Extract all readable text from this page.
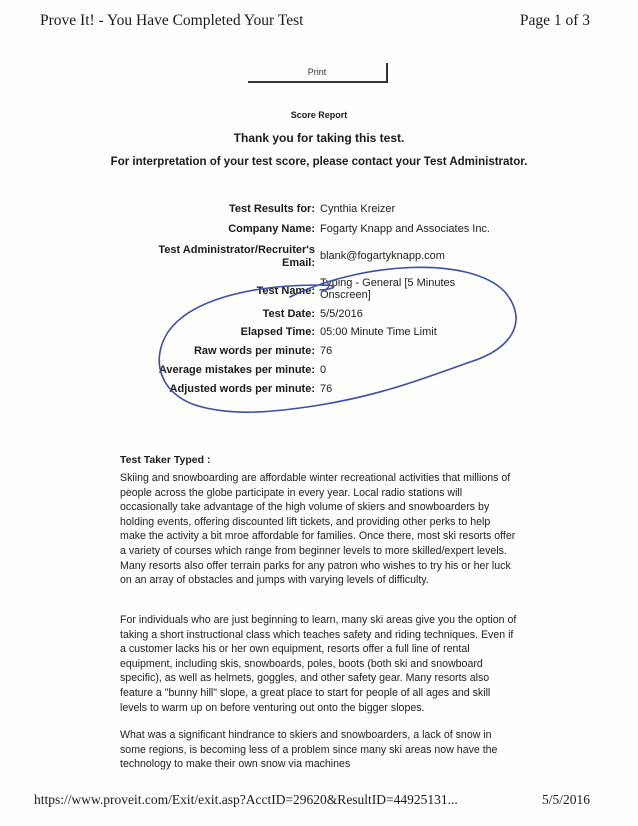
Prove It! - You Have Completed Your Test	Page 1 of 3
Print
Score Report
Thank you for taking this test.
For interpretation of your test score, please contact your Test Administrator.
Test Results for: Cynthia Kreizer
Company Name: Fogarty Knapp and Associates Inc.
Test Administrator/Recruiter's
Email:
blank@fogartyknapp.com
Test Name:
Typing - General [5 Minutes
Onscreen]
Test Date: 5/5/2016
Elapsed Time: 05:00 Minute Time Limit
Raw words per minute: 76
Average mistakes per minute: 0
Adjusted words per minute: 76
Test Taker Typed :
Skiing and snowboarding are affordable winter recreational activities that millions of people across the globe participate in every year. Local radio stations will occasionally take advantage of the high volume of skiers and snowboarders by holding events, offering discounted lift tickets, and providing other perks to help make the activity a bit mroe affordable for families. Once there, most ski resorts offer a variety of courses which range from beginner levels to more skilled/expert levels. Many resorts also offer terrain parks for any patron who wishes to try his or her luck on an array of obstacles and jumps with varying levels of difficulty.
For individuals who are just beginning to learn, many ski areas give you the option of taking a short instructional class which teaches safety and riding techniques. Even if a customer lacks his or her own equipment, resorts offer a full line of rental equipment, including skis, snowboards, poles, boots (both ski and snowboard specific), as well as helmets, goggles, and other safety gear. Many resorts also feature a "bunny hill" slope, a great place to start for people of all ages and skill levels to warm up on before venturing out onto the bigger slopes.
What was a significant hindrance to skiers and snowboarders, a lack of snow in some regions, is becoming less of a problem since many ski areas now have the technology to make their own snow via machines
https://www.proveit.com/Exit/exit.asp?AcctID=29620&ResultID=44925131...	5/5/2016
